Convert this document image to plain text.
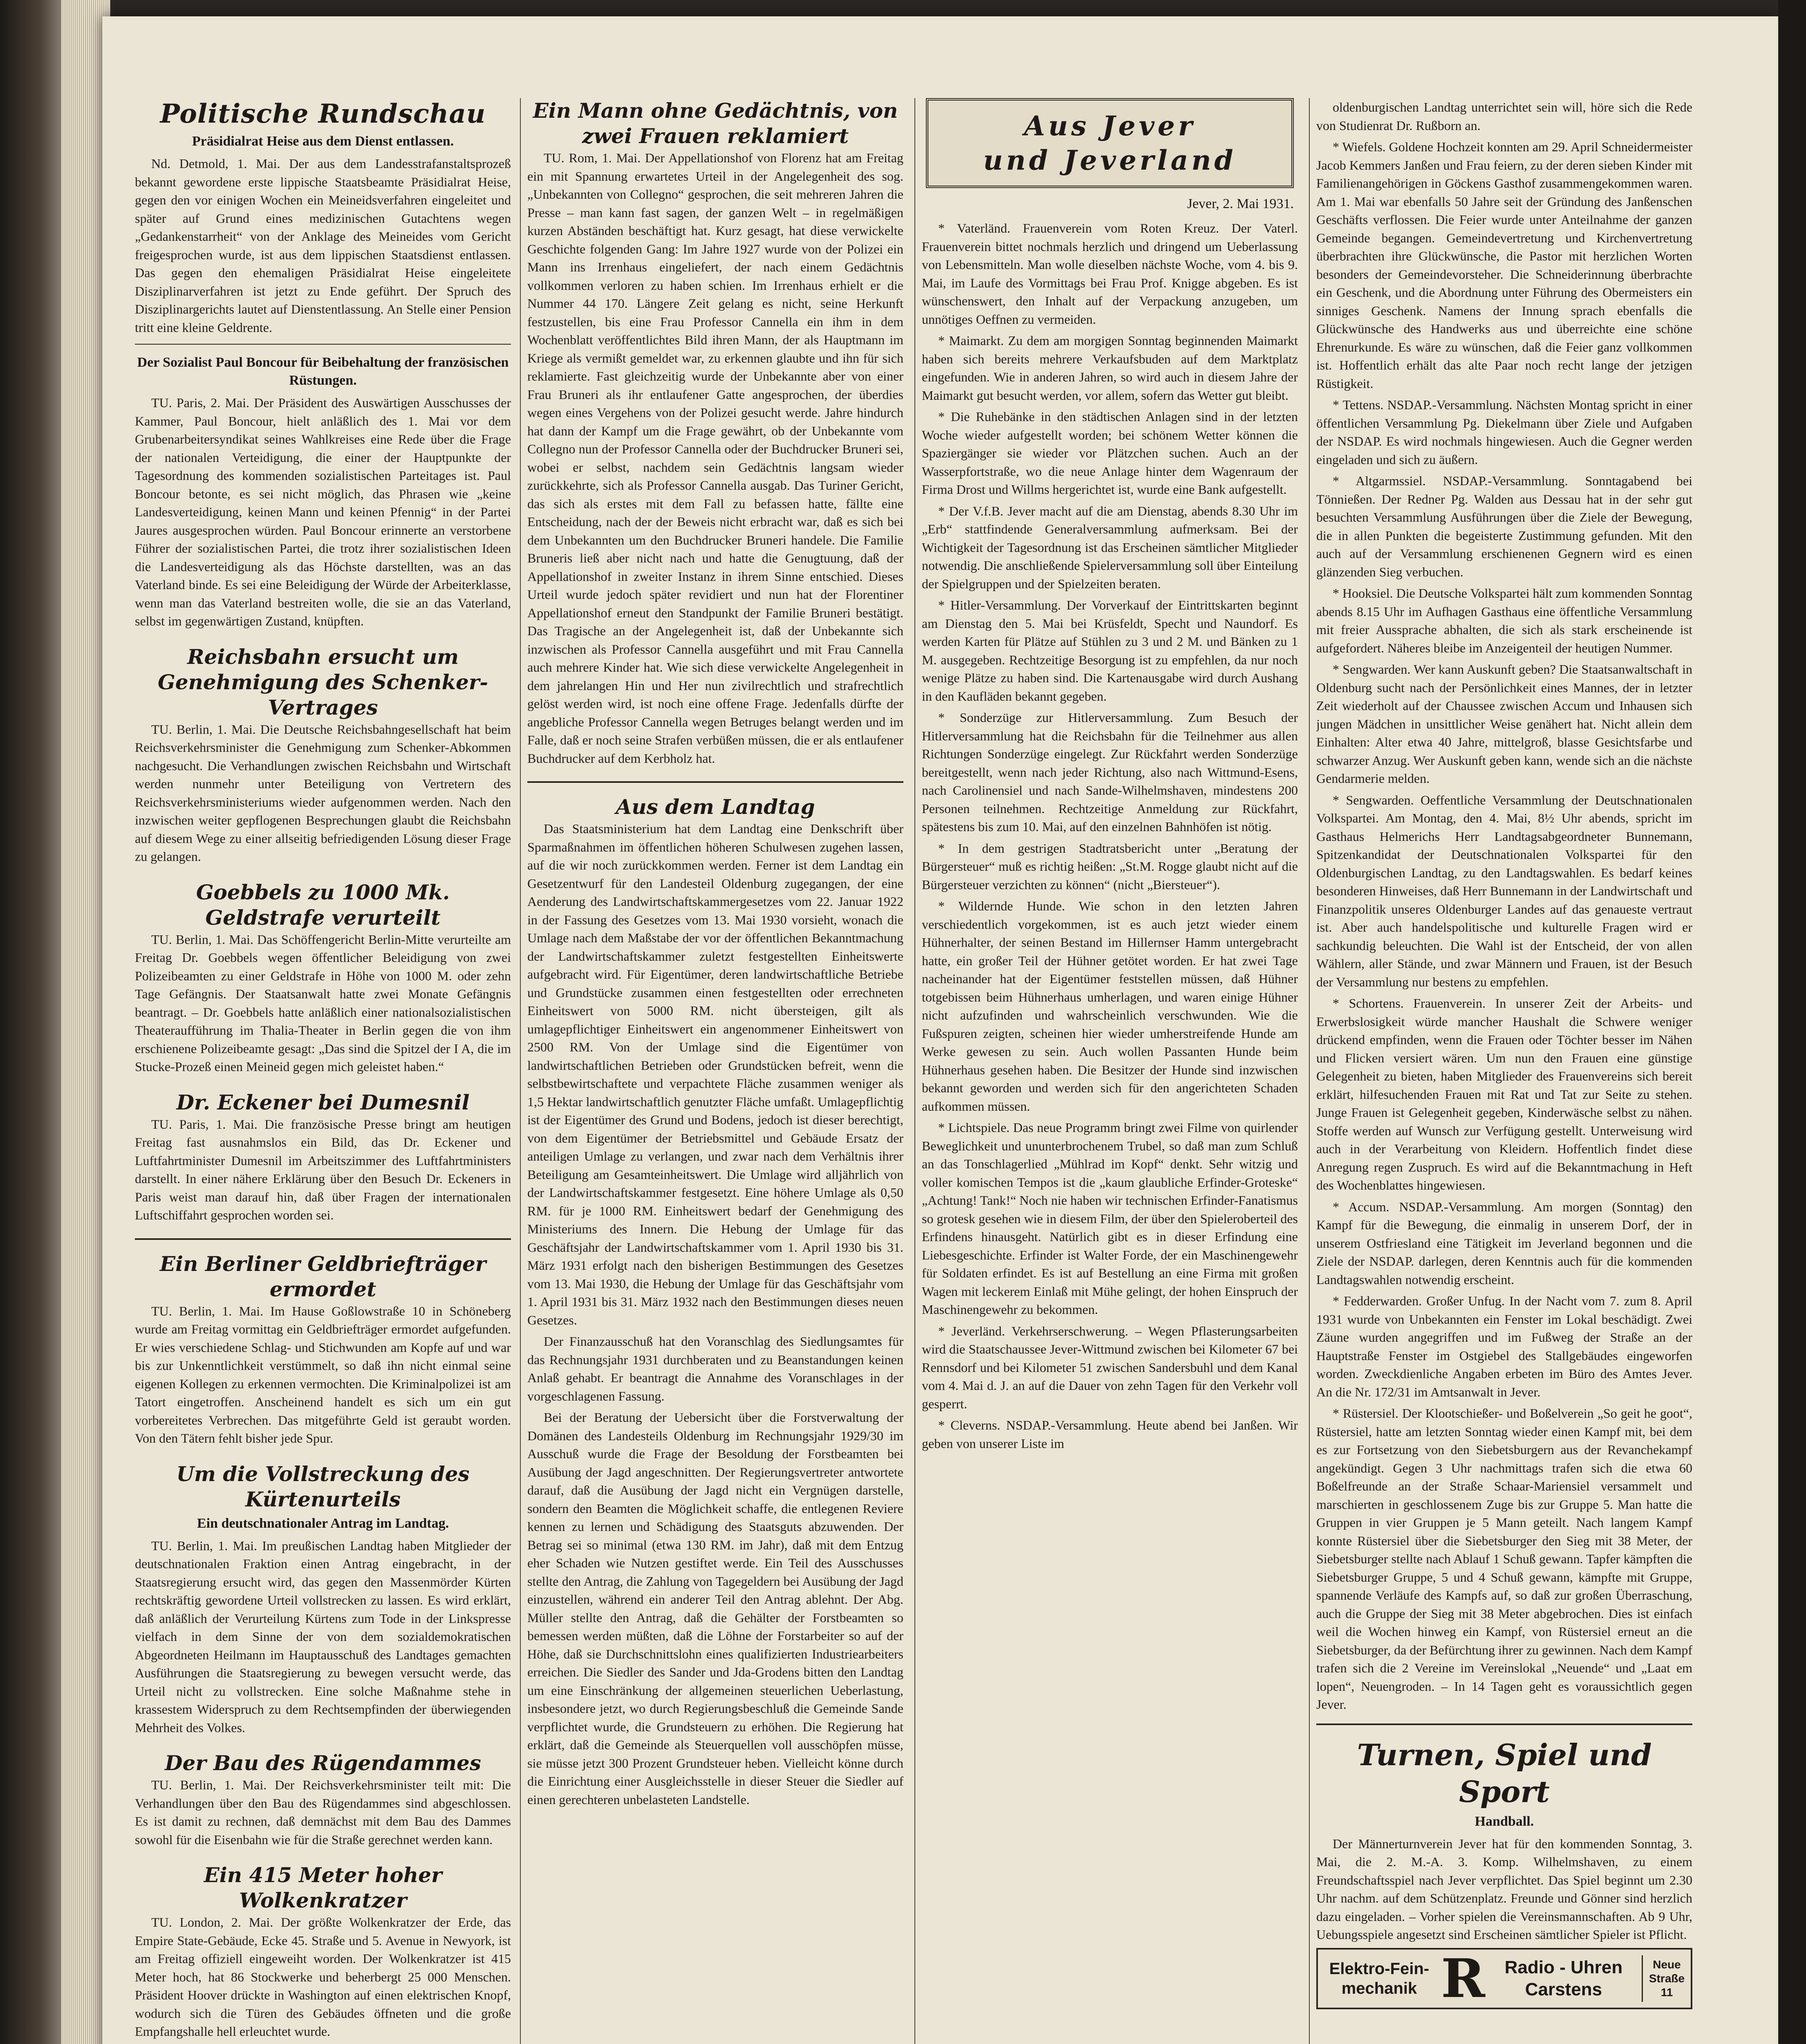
Politische Rundschau
Präsidialrat Heise aus dem Dienst entlassen.

Nd. Detmold, 1. Mai. Der aus dem Landesstrafanstaltsprozeß bekannt gewordene erste lippische Staatsbeamte Präsidialrat Heise, gegen den vor einigen Wochen ein Meineidsverfahren eingeleitet und später auf Grund eines medizinischen Gutachtens wegen „Gedankenstarrheit“ von der Anklage des Meineides vom Gericht freigesprochen wurde, ist aus dem lippischen Staatsdienst entlassen. Das gegen den ehemaligen Präsidialrat Heise eingeleitete Disziplinarverfahren ist jetzt zu Ende geführt. Der Spruch des Disziplinargerichts lautet auf Dienstentlassung. An Stelle einer Pension tritt eine kleine Geldrente.

Der Sozialist Paul Boncour für Beibehaltung der französischen Rüstungen.

TU. Paris, 2. Mai. Der Präsident des Auswärtigen Ausschusses der Kammer, Paul Boncour, hielt anläßlich des 1. Mai vor dem Grubenarbeitersyndikat seines Wahlkreises eine Rede über die Frage der nationalen Verteidigung, die einer der Hauptpunkte der Tagesordnung des kommenden sozialistischen Parteitages ist. Paul Boncour betonte, es sei nicht möglich, das Phrasen wie „keine Landesverteidigung, keinen Mann und keinen Pfennig“ in der Partei Jaures ausgesprochen würden. Paul Boncour erinnerte an verstorbene Führer der sozialistischen Partei, die trotz ihrer sozialistischen Ideen die Landesverteidigung als das Höchste darstellten, was an das Vaterland binde. Es sei eine Beleidigung der Würde der Arbeiterklasse, wenn man das Vaterland bestreiten wolle, die sie an das Vaterland, selbst im gegenwärtigen Zustand, knüpften.

Reichsbahn ersucht um Genehmigung des Schenker-Vertrages

TU. Berlin, 1. Mai. Die Deutsche Reichsbahngesellschaft hat beim Reichsverkehrsminister die Genehmigung zum Schenker-Abkommen nachgesucht. Die Verhandlungen zwischen Reichsbahn und Wirtschaft werden nunmehr unter Beteiligung von Vertretern des Reichsverkehrsministeriums wieder aufgenommen werden. Nach den inzwischen weiter gepflogenen Besprechungen glaubt die Reichsbahn auf diesem Wege zu einer allseitig befriedigenden Lösung dieser Frage zu gelangen.

Goebbels zu 1000 Mk. Geldstrafe verurteilt

TU. Berlin, 1. Mai. Das Schöffengericht Berlin-Mitte verurteilte am Freitag Dr. Goebbels wegen öffentlicher Beleidigung von zwei Polizeibeamten zu einer Geldstrafe in Höhe von 1000 M. oder zehn Tage Gefängnis. Der Staatsanwalt hatte zwei Monate Gefängnis beantragt. – Dr. Goebbels hatte anläßlich einer nationalsozialistischen Theateraufführung im Thalia-Theater in Berlin gegen die von ihm erschienene Polizeibeamte gesagt: „Das sind die Spitzel der I A, die im Stucke-Prozeß einen Meineid gegen mich geleistet haben.“

Dr. Eckener bei Dumesnil

TU. Paris, 1. Mai. Die französische Presse bringt am heutigen Freitag fast ausnahmslos ein Bild, das Dr. Eckener und Luftfahrtminister Dumesnil im Arbeitszimmer des Luftfahrtministers darstellt. In einer nähere Erklärung über den Besuch Dr. Eckeners in Paris weist man darauf hin, daß über Fragen der internationalen Luftschiffahrt gesprochen worden sei.

Ein Berliner Geldbriefträger ermordet

TU. Berlin, 1. Mai. Im Hause Goßlowstraße 10 in Schöneberg wurde am Freitag vormittag ein Geldbriefträger ermordet aufgefunden. Er wies verschiedene Schlag- und Stichwunden am Kopfe auf und war bis zur Unkenntlichkeit verstümmelt, so daß ihn nicht einmal seine eigenen Kollegen zu erkennen vermochten. Die Kriminalpolizei ist am Tatort eingetroffen. Anscheinend handelt es sich um ein gut vorbereitetes Verbrechen. Das mitgeführte Geld ist geraubt worden. Von den Tätern fehlt bisher jede Spur.

Um die Vollstreckung des Kürtenurteils
Ein deutschnationaler Antrag im Landtag.

TU. Berlin, 1. Mai. Im preußischen Landtag haben Mitglieder der deutschnationalen Fraktion einen Antrag eingebracht, in der Staatsregierung ersucht wird, das gegen den Massenmörder Kürten rechtskräftig gewordene Urteil vollstrecken zu lassen. Es wird erklärt, daß anläßlich der Verurteilung Kürtens zum Tode in der Linkspresse vielfach in dem Sinne der von dem sozialdemokratischen Abgeordneten Heilmann im Hauptausschuß des Landtages gemachten Ausführungen die Staatsregierung zu bewegen versucht werde, das Urteil nicht zu vollstrecken. Eine solche Maßnahme stehe in krassestem Widerspruch zu dem Rechtsempfinden der überwiegenden Mehrheit des Volkes.

Der Bau des Rügendammes

TU. Berlin, 1. Mai. Der Reichsverkehrsminister teilt mit: Die Verhandlungen über den Bau des Rügendammes sind abgeschlossen. Es ist damit zu rechnen, daß demnächst mit dem Bau des Dammes sowohl für die Eisenbahn wie für die Straße gerechnet werden kann.

Ein 415 Meter hoher Wolkenkratzer

TU. London, 2. Mai. Der größte Wolkenkratzer der Erde, das Empire State-Gebäude, Ecke 45. Straße und 5. Avenue in Newyork, ist am Freitag offiziell eingeweiht worden. Der Wolkenkratzer ist 415 Meter hoch, hat 86 Stockwerke und beherbergt 25 000 Menschen. Präsident Hoover drückte in Washington auf einen elektrischen Knopf, wodurch sich die Türen des Gebäudes öffneten und die große Empfangshalle hell erleuchtet wurde.

Ein Mann ohne Gedächtnis, von zwei Frauen reklamiert

TU. Rom, 1. Mai. Der Appellationshof von Florenz hat am Freitag ein mit Spannung erwartetes Urteil in der Angelegenheit des sog. „Unbekannten von Collegno“ gesprochen, die seit mehreren Jahren die Presse – man kann fast sagen, der ganzen Welt – in regelmäßigen kurzen Abständen beschäftigt hat. Kurz gesagt, hat diese verwickelte Geschichte folgenden Gang: Im Jahre 1927 wurde von der Polizei ein Mann ins Irrenhaus eingeliefert, der nach einem Gedächtnis vollkommen verloren zu haben schien. Im Irrenhaus erhielt er die Nummer 44 170. Längere Zeit gelang es nicht, seine Herkunft festzustellen, bis eine Frau Professor Cannella ein ihm in dem Wochenblatt veröffentlichtes Bild ihren Mann, der als Hauptmann im Kriege als vermißt gemeldet war, zu erkennen glaubte und ihn für sich reklamierte. Fast gleichzeitig wurde der Unbekannte aber von einer Frau Bruneri als ihr entlaufener Gatte angesprochen, der überdies wegen eines Vergehens von der Polizei gesucht werde. Jahre hindurch hat dann der Kampf um die Frage gewährt, ob der Unbekannte vom Collegno nun der Professor Cannella oder der Buchdrucker Bruneri sei, wobei er selbst, nachdem sein Gedächtnis langsam wieder zurückkehrte, sich als Professor Cannella ausgab. Das Turiner Gericht, das sich als erstes mit dem Fall zu befassen hatte, fällte eine Entscheidung, nach der der Beweis nicht erbracht war, daß es sich bei dem Unbekannten um den Buchdrucker Bruneri handele. Die Familie Bruneris ließ aber nicht nach und hatte die Genugtuung, daß der Appellationshof in zweiter Instanz in ihrem Sinne entschied. Dieses Urteil wurde jedoch später revidiert und nun hat der Florentiner Appellationshof erneut den Standpunkt der Familie Bruneri bestätigt. Das Tragische an der Angelegenheit ist, daß der Unbekannte sich inzwischen als Professor Cannella ausgeführt und mit Frau Cannella auch mehrere Kinder hat. Wie sich diese verwickelte Angelegenheit in dem jahrelangen Hin und Her nun zivilrechtlich und strafrechtlich gelöst werden wird, ist noch eine offene Frage. Jedenfalls dürfte der angebliche Professor Cannella wegen Betruges belangt werden und im Falle, daß er noch seine Strafen verbüßen müssen, die er als entlaufener Buchdrucker auf dem Kerbholz hat.

Aus dem Landtag

Das Staatsministerium hat dem Landtag eine Denkschrift über Sparmaßnahmen im öffentlichen höheren Schulwesen zugehen lassen, auf die wir noch zurückkommen werden. Ferner ist dem Landtag ein Gesetzentwurf für den Landesteil Oldenburg zugegangen, der eine Aenderung des Landwirtschaftskammergesetzes vom 22. Januar 1922 in der Fassung des Gesetzes vom 13. Mai 1930 vorsieht, wonach die Umlage nach dem Maßstabe der vor der öffentlichen Bekanntmachung der Landwirtschaftskammer zuletzt festgestellten Einheitswerte aufgebracht wird. Für Eigentümer, deren landwirtschaftliche Betriebe und Grundstücke zusammen einen festgestellten oder errechneten Einheitswert von 5000 RM. nicht übersteigen, gilt als umlagepflichtiger Einheitswert ein angenommener Einheitswert von 2500 RM. Von der Umlage sind die Eigentümer von landwirtschaftlichen Betrieben oder Grundstücken befreit, wenn die selbstbewirtschaftete und verpachtete Fläche zusammen weniger als 1,5 Hektar landwirtschaftlich genutzter Fläche umfaßt. Umlagepflichtig ist der Eigentümer des Grund und Bodens, jedoch ist dieser berechtigt, von dem Eigentümer der Betriebsmittel und Gebäude Ersatz der anteiligen Umlage zu verlangen, und zwar nach dem Verhältnis ihrer Beteiligung am Gesamteinheitswert. Die Umlage wird alljährlich von der Landwirtschaftskammer festgesetzt. Eine höhere Umlage als 0,50 RM. für je 1000 RM. Einheitswert bedarf der Genehmigung des Ministeriums des Innern. Die Hebung der Umlage für das Geschäftsjahr der Landwirtschaftskammer vom 1. April 1930 bis 31. März 1931 erfolgt nach den bisherigen Bestimmungen des Gesetzes vom 13. Mai 1930, die Hebung der Umlage für das Geschäftsjahr vom 1. April 1931 bis 31. März 1932 nach den Bestimmungen dieses neuen Gesetzes.

Der Finanzausschuß hat den Voranschlag des Siedlungsamtes für das Rechnungsjahr 1931 durchberaten und zu Beanstandungen keinen Anlaß gehabt. Er beantragt die Annahme des Voranschlages in der vorgeschlagenen Fassung.

Bei der Beratung der Uebersicht über die Forstverwaltung der Domänen des Landesteils Oldenburg im Rechnungsjahr 1929/30 im Ausschuß wurde die Frage der Besoldung der Forstbeamten bei Ausübung der Jagd angeschnitten. Der Regierungsvertreter antwortete darauf, daß die Ausübung der Jagd nicht ein Vergnügen darstelle, sondern den Beamten die Möglichkeit schaffe, die entlegenen Reviere kennen zu lernen und Schädigung des Staatsguts abzuwenden. Der Betrag sei so minimal (etwa 130 RM. im Jahr), daß mit dem Entzug eher Schaden wie Nutzen gestiftet werde. Ein Teil des Ausschusses stellte den Antrag, die Zahlung von Tagegeldern bei Ausübung der Jagd einzustellen, während ein anderer Teil den Antrag ablehnt. Der Abg. Müller stellte den Antrag, daß die Gehälter der Forstbeamten so bemessen werden müßten, daß die Löhne der Forstarbeiter so auf der Höhe, daß sie Durchschnittslohn eines qualifizierten Industriearbeiters erreichen. Die Siedler des Sander und Jda-Grodens bitten den Landtag um eine Einschränkung der allgemeinen steuerlichen Ueberlastung, insbesondere jetzt, wo durch Regierungsbeschluß die Gemeinde Sande verpflichtet wurde, die Grundsteuern zu erhöhen. Die Regierung hat erklärt, daß die Gemeinde als Steuerquellen voll ausschöpfen müsse, sie müsse jetzt 300 Prozent Grundsteuer heben. Vielleicht könne durch die Einrichtung einer Ausgleichsstelle in dieser Steuer die Siedler auf einen gerechteren unbelasteten Landstelle.

Aus Jever
und Jeverland
Jever, 2. Mai 1931.

* Vaterländ. Frauenverein vom Roten Kreuz. Der Vaterl. Frauenverein bittet nochmals herzlich und dringend um Ueberlassung von Lebensmitteln. Man wolle dieselben nächste Woche, vom 4. bis 9. Mai, im Laufe des Vormittags bei Frau Prof. Knigge abgeben. Es ist wünschenswert, den Inhalt auf der Verpackung anzugeben, um unnötiges Oeffnen zu vermeiden.

* Maimarkt. Zu dem am morgigen Sonntag beginnenden Maimarkt haben sich bereits mehrere Verkaufsbuden auf dem Marktplatz eingefunden. Wie in anderen Jahren, so wird auch in diesem Jahre der Maimarkt gut besucht werden, vor allem, sofern das Wetter gut bleibt.

* Die Ruhebänke in den städtischen Anlagen sind in der letzten Woche wieder aufgestellt worden; bei schönem Wetter können die Spaziergänger sie wieder vor Plätzchen suchen. Auch an der Wasserpfortstraße, wo die neue Anlage hinter dem Wagenraum der Firma Drost und Willms hergerichtet ist, wurde eine Bank aufgestellt.

* Der V.f.B. Jever macht auf die am Dienstag, abends 8.30 Uhr im „Erb“ stattfindende Generalversammlung aufmerksam. Bei der Wichtigkeit der Tagesordnung ist das Erscheinen sämtlicher Mitglieder notwendig. Die anschließende Spielerversammlung soll über Einteilung der Spielgruppen und der Spielzeiten beraten.

* Hitler-Versammlung. Der Vorverkauf der Eintrittskarten beginnt am Dienstag den 5. Mai bei Krüsfeldt, Specht und Naundorf. Es werden Karten für Plätze auf Stühlen zu 3 und 2 M. und Bänken zu 1 M. ausgegeben. Rechtzeitige Besorgung ist zu empfehlen, da nur noch wenige Plätze zu haben sind. Die Kartenausgabe wird durch Aushang in den Kaufläden bekannt gegeben.

* Sonderzüge zur Hitlerversammlung. Zum Besuch der Hitlerversammlung hat die Reichsbahn für die Teilnehmer aus allen Richtungen Sonderzüge eingelegt. Zur Rückfahrt werden Sonderzüge bereitgestellt, wenn nach jeder Richtung, also nach Wittmund-Esens, nach Carolinensiel und nach Sande-Wilhelmshaven, mindestens 200 Personen teilnehmen. Rechtzeitige Anmeldung zur Rückfahrt, spätestens bis zum 10. Mai, auf den einzelnen Bahnhöfen ist nötig.

* In dem gestrigen Stadtratsbericht unter „Beratung der Bürgersteuer“ muß es richtig heißen: „St.M. Rogge glaubt nicht auf die Bürgersteuer verzichten zu können“ (nicht „Biersteuer“).

* Wildernde Hunde. Wie schon in den letzten Jahren verschiedentlich vorgekommen, ist es auch jetzt wieder einem Hühnerhalter, der seinen Bestand im Hillernser Hamm untergebracht hatte, ein großer Teil der Hühner getötet worden. Er hat zwei Tage nacheinander hat der Eigentümer feststellen müssen, daß Hühner totgebissen beim Hühnerhaus umherlagen, und waren einige Hühner nicht aufzufinden und wahrscheinlich verschwunden. Wie die Fußspuren zeigten, scheinen hier wieder umherstreifende Hunde am Werke gewesen zu sein. Auch wollen Passanten Hunde beim Hühnerhaus gesehen haben. Die Besitzer der Hunde sind inzwischen bekannt geworden und werden sich für den angerichteten Schaden aufkommen müssen.

* Lichtspiele. Das neue Programm bringt zwei Filme von quirlender Beweglichkeit und ununterbrochenem Trubel, so daß man zum Schluß an das Tonschlagerlied „Mühlrad im Kopf“ denkt. Sehr witzig und voller komischen Tempos ist die „kaum glaubliche Erfinder-Groteske“ „Achtung! Tank!“ Noch nie haben wir technischen Erfinder-Fanatismus so grotesk gesehen wie in diesem Film, der über den Spieleroberteil des Erfindens hinausgeht. Natürlich gibt es in dieser Erfindung eine Liebesgeschichte. Erfinder ist Walter Forde, der ein Maschinengewehr für Soldaten erfindet. Es ist auf Bestellung an eine Firma mit großen Wagen mit leckerem Einlaß mit Mühe gelingt, der hohen Einspruch der Maschinengewehr zu bekommen.

* Jeverländ. Verkehrserschwerung. – Wegen Pflasterungsarbeiten wird die Staatschaussee Jever-Wittmund zwischen bei Kilometer 67 bei Rennsdorf und bei Kilometer 51 zwischen Sandersbuhl und dem Kanal vom 4. Mai d. J. an auf die Dauer von zehn Tagen für den Verkehr voll gesperrt.

* Cleverns. NSDAP.-Versammlung. Heute abend bei Janßen. Wir geben von unserer Liste im

oldenburgischen Landtag unterrichtet sein will, höre sich die Rede von Studienrat Dr. Rußborn an.

* Wiefels. Goldene Hochzeit konnten am 29. April Schneidermeister Jacob Kemmers Janßen und Frau feiern, zu der deren sieben Kinder mit Familienangehörigen in Göckens Gasthof zusammengekommen waren. Am 1. Mai war ebenfalls 50 Jahre seit der Gründung des Janßenschen Geschäfts verflossen. Die Feier wurde unter Anteilnahme der ganzen Gemeinde begangen. Gemeindevertretung und Kirchenvertretung überbrachten ihre Glückwünsche, die Pastor mit herzlichen Worten besonders der Gemeindevorsteher. Die Schneiderinnung überbrachte ein Geschenk, und die Abordnung unter Führung des Obermeisters ein sinniges Geschenk. Namens der Innung sprach ebenfalls die Glückwünsche des Handwerks aus und überreichte eine schöne Ehrenurkunde. Es wäre zu wünschen, daß die Feier ganz vollkommen ist. Hoffentlich erhält das alte Paar noch recht lange der jetzigen Rüstigkeit.

* Tettens. NSDAP.-Versammlung. Nächsten Montag spricht in einer öffentlichen Versammlung Pg. Diekelmann über Ziele und Aufgaben der NSDAP. Es wird nochmals hingewiesen. Auch die Gegner werden eingeladen und sich zu äußern.

* Altgarmssiel. NSDAP.-Versammlung. Sonntagabend bei Tönnießen. Der Redner Pg. Walden aus Dessau hat in der sehr gut besuchten Versammlung Ausführungen über die Ziele der Bewegung, die in allen Punkten die begeisterte Zustimmung gefunden. Mit den auch auf der Versammlung erschienenen Gegnern wird es einen glänzenden Sieg verbuchen.

* Hooksiel. Die Deutsche Volkspartei hält zum kommenden Sonntag abends 8.15 Uhr im Aufhagen Gasthaus eine öffentliche Versammlung mit freier Aussprache abhalten, die sich als stark erscheinende ist aufgefordert. Näheres bleibe im Anzeigenteil der heutigen Nummer.

* Sengwarden. Wer kann Auskunft geben? Die Staatsanwaltschaft in Oldenburg sucht nach der Persönlichkeit eines Mannes, der in letzter Zeit wiederholt auf der Chaussee zwischen Accum und Inhausen sich jungen Mädchen in unsittlicher Weise genähert hat. Nicht allein dem Einhalten: Alter etwa 40 Jahre, mittelgroß, blasse Gesichtsfarbe und schwarzer Anzug. Wer Auskunft geben kann, wende sich an die nächste Gendarmerie melden.

* Sengwarden. Oeffentliche Versammlung der Deutschnationalen Volkspartei. Am Montag, den 4. Mai, 8½ Uhr abends, spricht im Gasthaus Helmerichs Herr Landtagsabgeordneter Bunnemann, Spitzenkandidat der Deutschnationalen Volkspartei für den Oldenburgischen Landtag, zu den Landtagswahlen. Es bedarf keines besonderen Hinweises, daß Herr Bunnemann in der Landwirtschaft und Finanzpolitik unseres Oldenburger Landes auf das genaueste vertraut ist. Aber auch handelspolitische und kulturelle Fragen wird er sachkundig beleuchten. Die Wahl ist der Entscheid, der von allen Wählern, aller Stände, und zwar Männern und Frauen, ist der Besuch der Versammlung nur bestens zu empfehlen.

* Schortens. Frauenverein. In unserer Zeit der Arbeits- und Erwerbslosigkeit würde mancher Haushalt die Schwere weniger drückend empfinden, wenn die Frauen oder Töchter besser im Nähen und Flicken versiert wären. Um nun den Frauen eine günstige Gelegenheit zu bieten, haben Mitglieder des Frauenvereins sich bereit erklärt, hilfesuchenden Frauen mit Rat und Tat zur Seite zu stehen. Junge Frauen ist Gelegenheit gegeben, Kinderwäsche selbst zu nähen. Stoffe werden auf Wunsch zur Verfügung gestellt. Unterweisung wird auch in der Verarbeitung von Kleidern. Hoffentlich findet diese Anregung regen Zuspruch. Es wird auf die Bekanntmachung in Heft des Wochenblattes hingewiesen.

* Accum. NSDAP.-Versammlung. Am morgen (Sonntag) den Kampf für die Bewegung, die einmalig in unserem Dorf, der in unserem Ostfriesland eine Tätigkeit im Jeverland begonnen und die Ziele der NSDAP. darlegen, deren Kenntnis auch für die kommenden Landtagswahlen notwendig erscheint.

* Fedderwarden. Großer Unfug. In der Nacht vom 7. zum 8. April 1931 wurde von Unbekannten ein Fenster im Lokal beschädigt. Zwei Zäune wurden angegriffen und im Fußweg der Straße an der Hauptstraße Fenster im Ostgiebel des Stallgebäudes eingeworfen worden. Zweckdienliche Angaben erbeten im Büro des Amtes Jever. An die Nr. 172/31 im Amtsanwalt in Jever.

* Rüstersiel. Der Klootschießer- und Boßelverein „So geit he goot“, Rüstersiel, hatte am letzten Sonntag wieder einen Kampf mit, bei dem es zur Fortsetzung von den Siebetsburgern aus der Revanchekampf angekündigt. Gegen 3 Uhr nachmittags trafen sich die etwa 60 Boßelfreunde an der Straße Schaar-Mariensiel versammelt und marschierten in geschlossenem Zuge bis zur Gruppe 5. Man hatte die Gruppen in vier Gruppen je 5 Mann geteilt. Nach langem Kampf konnte Rüstersiel über die Siebetsburger den Sieg mit 38 Meter, der Siebetsburger stellte nach Ablauf 1 Schuß gewann. Tapfer kämpften die Siebetsburger Gruppe, 5 und 4 Schuß gewann, kämpfte mit Gruppe, spannende Verläufe des Kampfs auf, so daß zur großen Überraschung, auch die Gruppe der Sieg mit 38 Meter abgebrochen. Dies ist einfach weil die Wochen hinweg ein Kampf, von Rüstersiel erneut an die Siebetsburger, da der Befürchtung ihrer zu gewinnen. Nach dem Kampf trafen sich die 2 Vereine im Vereinslokal „Neuende“ und „Laat em lopen“, Neuengroden. – In 14 Tagen geht es voraussichtlich gegen Jever.

Turnen, Spiel und Sport
Handball.

Der Männerturnverein Jever hat für den kommenden Sonntag, 3. Mai, die 2. M.-A. 3. Komp. Wilhelmshaven, zu einem Freundschaftsspiel nach Jever verpflichtet. Das Spiel beginnt um 2.30 Uhr nachm. auf dem Schützenplatz. Freunde und Gönner sind herzlich dazu eingeladen. – Vorher spielen die Vereinsmannschaften. Ab 9 Uhr, Uebungsspiele angesetzt sind Erscheinen sämtlicher Spieler ist Pflicht.

Elektro-Fein-mechanik R	Radio - Uhren
Carstens
Neue Straße 11
